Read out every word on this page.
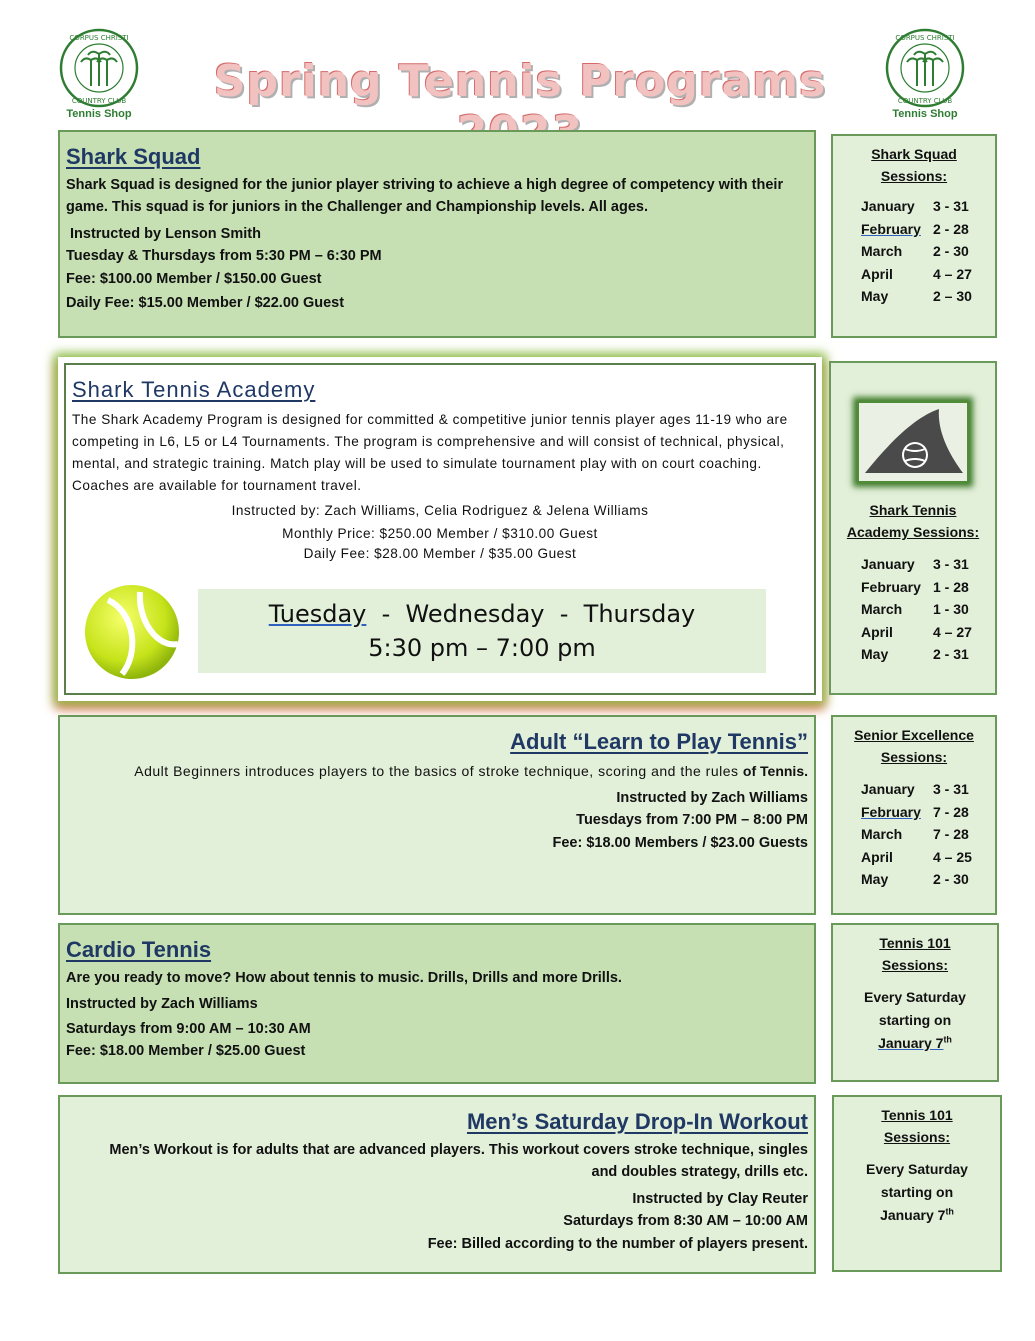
CORPUS CHRISTI
COUNTRY CLUB
Tennis Shop
CORPUS CHRISTI
COUNTRY CLUB
Tennis Shop
Spring Tennis Programs
Shark Squad
Shark Squad is designed for the junior player striving to achieve a high degree of competency with their game. This squad is for juniors in the Challenger and Championship levels. All ages.
Instructed by Lenson Smith
Tuesday & Thursdays from 5:30 PM – 6:30 PM
Fee: $100.00 Member / $150.00 Guest
Daily Fee: $15.00 Member / $22.00 Guest
Shark Squad
Sessions:
January	3 - 31
February 2 - 28
March	2 - 30
April	4 – 27
May	2 – 30
Shark Tennis Academy
The Shark Academy Program is designed for committed & competitive junior tennis player ages 11-19 who are competing in L6, L5 or L4 Tournaments. The program is comprehensive and will consist of technical, physical, mental, and strategic training. Match play will be used to simulate tournament play with on court coaching. Coaches are available for tournament travel.
Instructed by: Zach Williams, Celia Rodriguez & Jelena Williams
Monthly Price: $250.00 Member / $310.00 Guest
Daily Fee: $28.00 Member / $35.00 Guest
Tuesday  -  Wednesday  -  Thursday
5:30 pm – 7:00 pm
Shark Tennis
Academy Sessions:
January	3 - 31
February 1 - 28
March	1 - 30
April	4 – 27
May	2 - 31
Adult “Learn to Play Tennis”
Adult Beginners introduces players to the basics of stroke technique, scoring and the rules of Tennis.
Instructed by Zach Williams
Tuesdays from 7:00 PM – 8:00 PM
Fee: $18.00 Members / $23.00 Guests
Senior Excellence
Sessions:
January	3 - 31
February 7 - 28
March	7 - 28
April	4 – 25
May	2 - 30
Cardio Tennis
Are you ready to move? How about tennis to music. Drills, Drills and more Drills.
Instructed by Zach Williams
Saturdays from 9:00 AM – 10:30 AM
Fee: $18.00 Member / $25.00 Guest
Tennis 101
Sessions:
Every Saturday
starting on
January 7th
Men’s Saturday Drop-In Workout
Men’s Workout is for adults that are advanced players. This workout covers stroke technique, singles and doubles strategy, drills etc.
Instructed by Clay Reuter
Saturdays from 8:30 AM – 10:00 AM
Fee: Billed according to the number of players present.
Tennis 101
Sessions:
Every Saturday
starting on
January 7th
